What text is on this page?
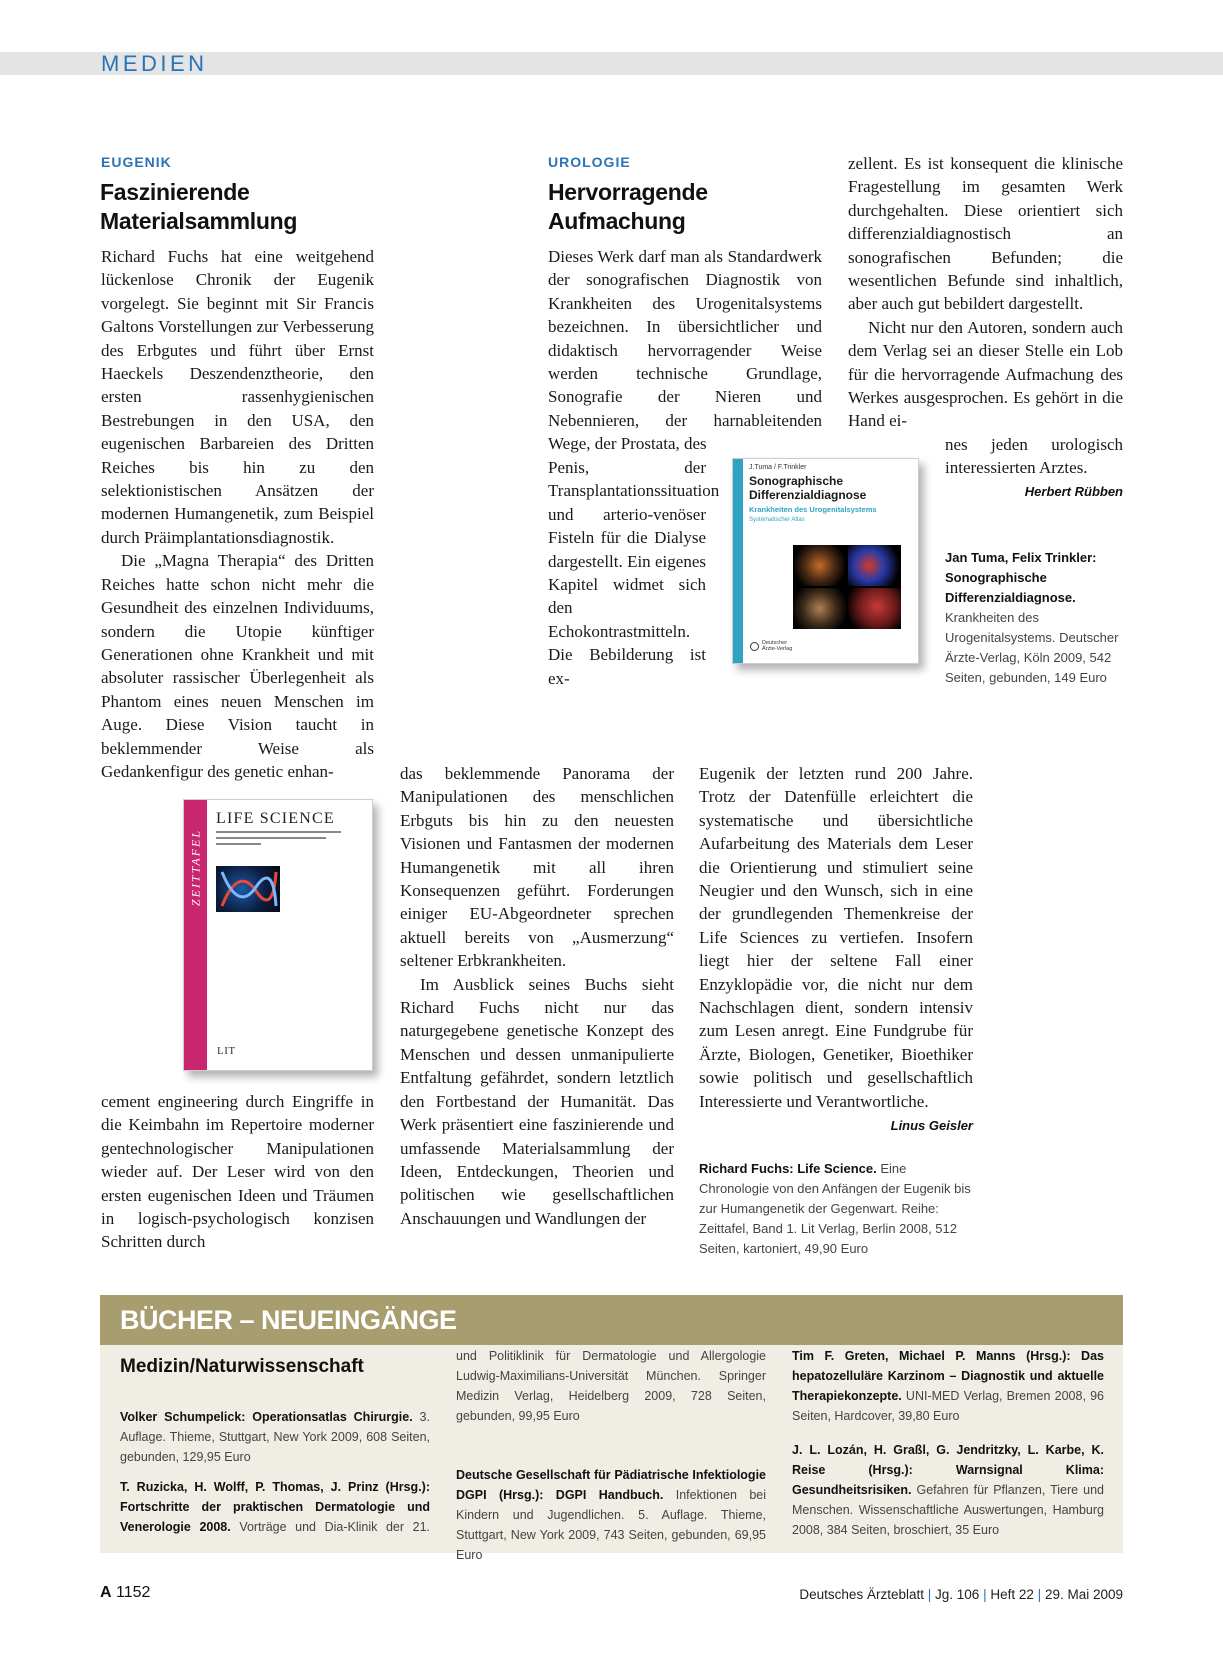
MEDIEN
EUGENIK
Faszinierende
Materialsammlung

Richard Fuchs hat eine weitgehend lückenlose Chronik der Eugenik vorgelegt. Sie beginnt mit Sir Francis Galtons Vorstellungen zur Verbesserung des Erbgutes und führt über Ernst Haeckels Deszendenztheorie, den ersten rassenhygienischen Bestrebungen in den USA, den eugenischen Barbareien des Dritten Reiches bis hin zu den selektionistischen Ansätzen der modernen Humangenetik, zum Beispiel durch Präimplantationsdiagnostik.

Die „Magna Therapia“ des Dritten Reiches hatte schon nicht mehr die Gesundheit des einzelnen Individuums, sondern die Utopie künftiger Generationen ohne Krankheit und mit absoluter rassischer Überlegenheit als Phantom eines neuen Menschen im Auge. Diese Vision taucht in beklemmender Weise als Gedankenfigur des genetic enhan-

ZEITTAFEL
LIFE SCIENCE
LIT

cement engineering durch Eingriffe in die Keimbahn im Repertoire moderner gentechnologischer Manipulationen wieder auf. Der Leser wird von den ersten eugenischen Ideen und Träumen in logisch-psychologisch konzisen Schritten durch

das beklemmende Panorama der Manipulationen des menschlichen Erbguts bis hin zu den neuesten Visionen und Fantasmen der modernen Humangenetik mit all ihren Konsequenzen geführt. Forderungen einiger EU-Abgeordneter sprechen aktuell bereits von „Ausmerzung“ seltener Erbkrankheiten.

Im Ausblick seines Buchs sieht Richard Fuchs nicht nur das naturgegebene genetische Konzept des Menschen und dessen unmanipulierte Entfaltung gefährdet, sondern letztlich den Fortbestand der Humanität. Das Werk präsentiert eine faszinierende und umfassende Materialsammlung der Ideen, Entdeckungen, Theorien und politischen wie gesellschaftlichen Anschauungen und Wandlungen der

Eugenik der letzten rund 200 Jahre. Trotz der Datenfülle erleichtert die systematische und übersichtliche Aufarbeitung des Materials dem Leser die Orientierung und stimuliert seine Neugier und den Wunsch, sich in eine der grundlegenden Themenkreise der Life Sciences zu vertiefen. Insofern liegt hier der seltene Fall einer Enzyklopädie vor, die nicht nur dem Nachschlagen dient, sondern intensiv zum Lesen anregt. Eine Fundgrube für Ärzte, Biologen, Genetiker, Bioethiker sowie politisch und gesellschaftlich Interessierte und Verantwortliche.

Linus Geisler
Richard Fuchs: Life Science. Eine Chronologie von den Anfängen der Eugenik bis zur Humangenetik der Gegenwart. Reihe: Zeittafel, Band 1. Lit Verlag, Berlin 2008, 512 Seiten, kartoniert, 49,90 Euro
UROLOGIE
Hervorragende
Aufmachung

Dieses Werk darf man als Standardwerk der sonografischen Diagnostik von Krankheiten des Urogenitalsystems bezeichnen. In übersichtlicher und didaktisch hervorragender Weise werden technische Grundlage, Sonografie der Nieren und Nebennieren, der harnableitenden Wege, der Prostata, des

Penis, der Transplantationssituation und arterio-venöser Fisteln für die Dialyse dargestellt. Ein eigenes Kapitel widmet sich den Echokontrastmitteln. Die Bebilderung ist ex-

J.Tuma / F.Trinkler
Sonographische
Differenzialdiagnose
Krankheiten des Urogenitalsystems
Systematischer Atlas
Deutscher
Ärzte-Verlag

zellent. Es ist konsequent die klinische Fragestellung im gesamten Werk durchgehalten. Diese orientiert sich differenzialdiagnostisch an sonografischen Befunden; die wesentlichen Befunde sind inhaltlich, aber auch gut bebildert dargestellt.

Nicht nur den Autoren, sondern auch dem Verlag sei an dieser Stelle ein Lob für die hervorragende Aufmachung des Werkes ausgesprochen. Es gehört in die Hand ei-

nes jeden urologisch interessierten Arztes.

Herbert Rübben
Jan Tuma, Felix Trinkler: Sonographische Differenzialdiagnose. Krankheiten des Urogenitalsystems. Deutscher Ärzte-Verlag, Köln 2009, 542 Seiten, gebunden, 149 Euro
BÜCHER – NEUEINGÄNGE
Medizin/Naturwissenschaft
Volker Schumpelick: Operationsatlas Chirurgie. 3. Auflage. Thieme, Stuttgart, New York 2009, 608 Seiten, gebunden, 129,95 Euro
T. Ruzicka, H. Wolff, P. Thomas, J. Prinz (Hrsg.): Fortschritte der praktischen Dermatologie und Venerologie 2008. Vorträge und Dia-Klinik der 21.
und Politiklinik für Dermatologie und Allergologie Ludwig-Maximilians-Universität München. Springer Medizin Verlag, Heidelberg 2009, 728 Seiten, gebunden, 99,95 Euro
Deutsche Gesellschaft für Pädiatrische Infektiologie DGPI (Hrsg.): DGPI Handbuch. Infektionen bei Kindern und Jugendlichen. 5. Auflage. Thieme, Stuttgart, New York 2009, 743 Seiten, gebunden, 69,95 Euro
Tim F. Greten, Michael P. Manns (Hrsg.): Das hepatozelluläre Karzinom – Diagnostik und aktuelle Therapiekonzepte. UNI-MED Verlag, Bremen 2008, 96 Seiten, Hardcover, 39,80 Euro
J. L. Lozán, H. Graßl, G. Jendritzky, L. Karbe, K. Reise (Hrsg.): Warnsignal Klima: Gesundheitsrisiken. Gefahren für Pflanzen, Tiere und Menschen. Wissenschaftliche Auswertungen, Hamburg 2008, 384 Seiten, broschiert, 35 Euro
A 1152	Deutsches Ärzteblatt | Jg. 106 | Heft 22 | 29. Mai 2009
